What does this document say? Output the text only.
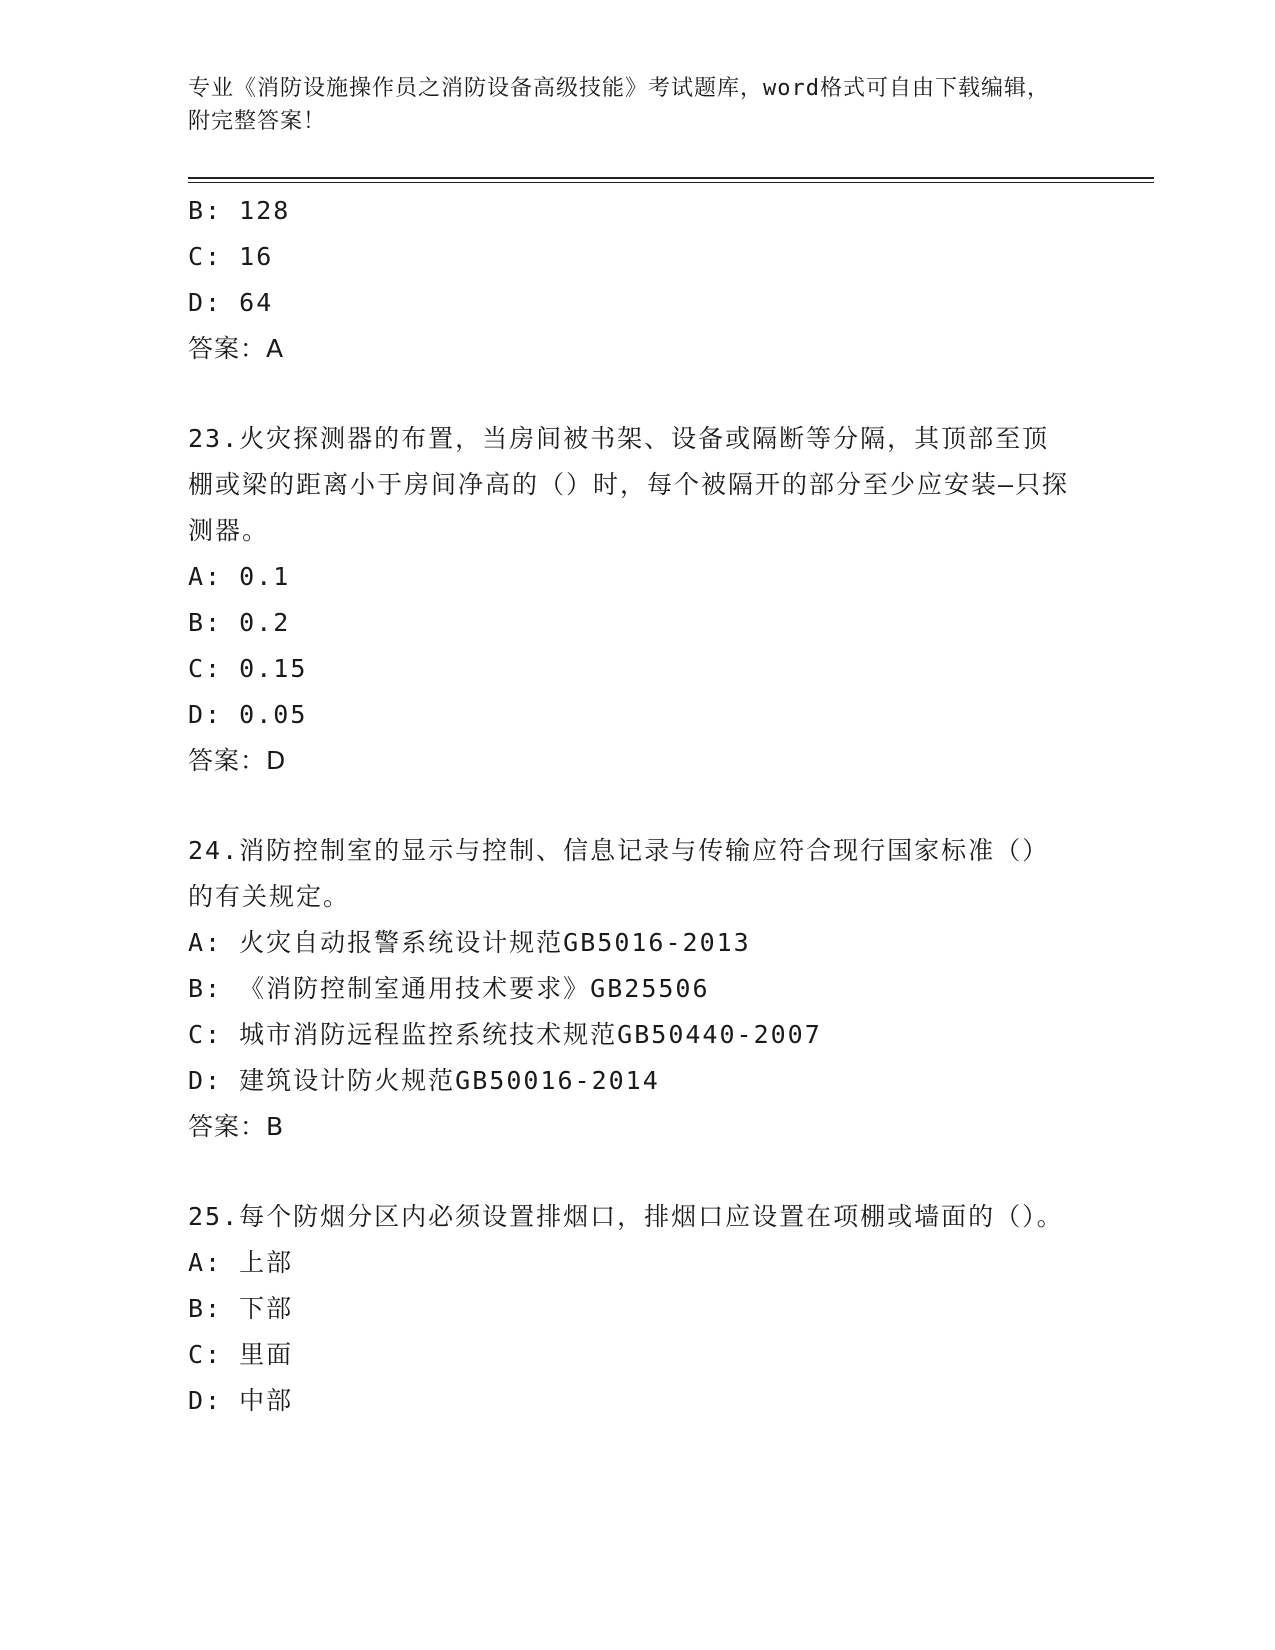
专业《消防设施操作员之消防设备高级技能》考试题库，word格式可自由下载编辑，附完整答案！
B: 128
C: 16
D: 64
答案：A
23.火灾探测器的布置，当房间被书架、设备或隔断等分隔，其顶部至顶棚或梁的距离小于房间净高的（）时，每个被隔开的部分至少应安装—只探测器。
A: 0.1
B: 0.2
C: 0.15
D: 0.05
答案：D
24.消防控制室的显示与控制、信息记录与传输应符合现行国家标准（）的有关规定。
A: 火灾自动报警系统设计规范GB5016-2013
B: 《消防控制室通用技术要求》GB25506
C: 城市消防远程监控系统技术规范GB50440-2007
D: 建筑设计防火规范GB50016-2014
答案：B
25.每个防烟分区内必须设置排烟口，排烟口应设置在项棚或墙面的（）。
A: 上部
B: 下部
C: 里面
D: 中部
